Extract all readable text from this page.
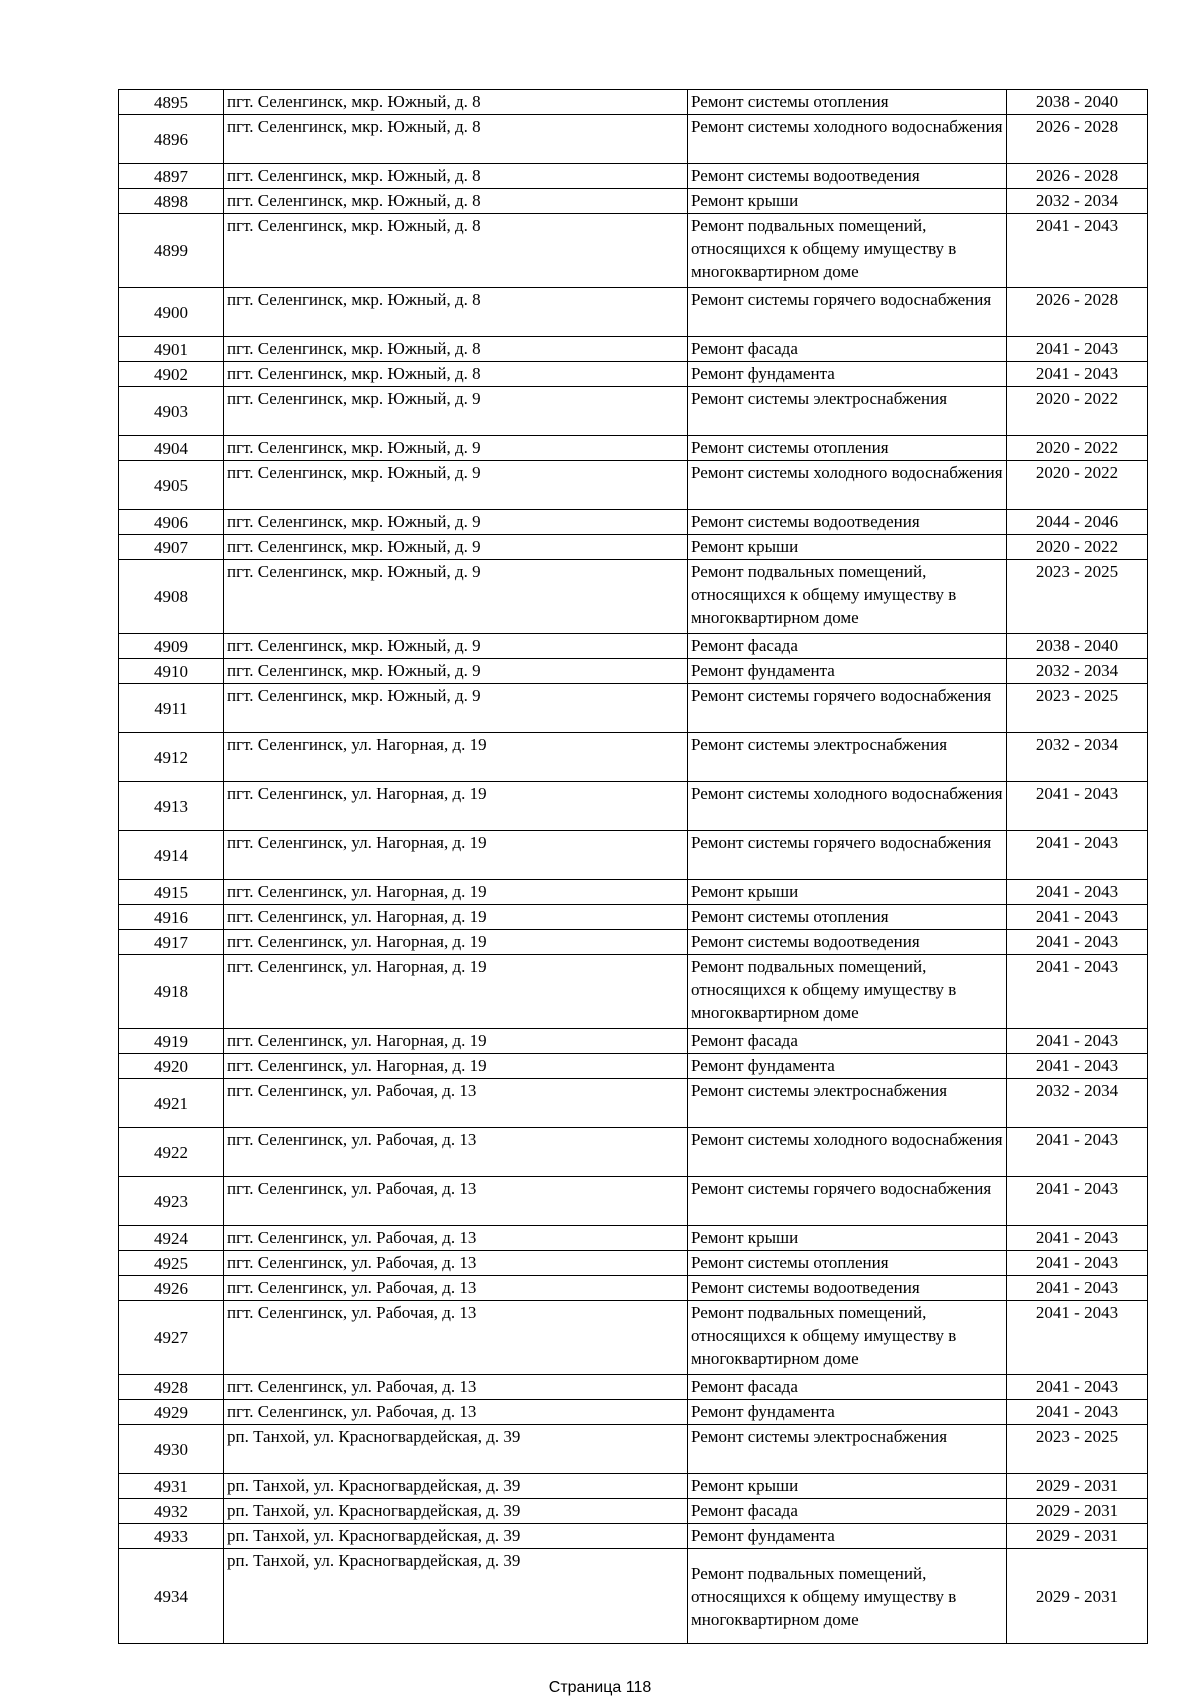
4895	пгт. Селенгинск, мкр. Южный, д. 8	Ремонт системы отопления	2038 - 2040
4896	пгт. Селенгинск, мкр. Южный, д. 8	Ремонт системы холодного водоснабжения	2026 - 2028
4897	пгт. Селенгинск, мкр. Южный, д. 8	Ремонт системы водоотведения	2026 - 2028
4898	пгт. Селенгинск, мкр. Южный, д. 8	Ремонт крыши	2032 - 2034
4899	пгт. Селенгинск, мкр. Южный, д. 8	Ремонт подвальных помещений, относящихся к общему имуществу в многоквартирном доме	2041 - 2043
4900	пгт. Селенгинск, мкр. Южный, д. 8	Ремонт системы горячего водоснабжения	2026 - 2028
4901	пгт. Селенгинск, мкр. Южный, д. 8	Ремонт фасада	2041 - 2043
4902	пгт. Селенгинск, мкр. Южный, д. 8	Ремонт фундамента	2041 - 2043
4903	пгт. Селенгинск, мкр. Южный, д. 9	Ремонт системы электроснабжения	2020 - 2022
4904	пгт. Селенгинск, мкр. Южный, д. 9	Ремонт системы отопления	2020 - 2022
4905	пгт. Селенгинск, мкр. Южный, д. 9	Ремонт системы холодного водоснабжения	2020 - 2022
4906	пгт. Селенгинск, мкр. Южный, д. 9	Ремонт системы водоотведения	2044 - 2046
4907	пгт. Селенгинск, мкр. Южный, д. 9	Ремонт крыши	2020 - 2022
4908	пгт. Селенгинск, мкр. Южный, д. 9	Ремонт подвальных помещений, относящихся к общему имуществу в многоквартирном доме	2023 - 2025
4909	пгт. Селенгинск, мкр. Южный, д. 9	Ремонт фасада	2038 - 2040
4910	пгт. Селенгинск, мкр. Южный, д. 9	Ремонт фундамента	2032 - 2034
4911	пгт. Селенгинск, мкр. Южный, д. 9	Ремонт системы горячего водоснабжения	2023 - 2025
4912	пгт. Селенгинск, ул. Нагорная, д. 19	Ремонт системы электроснабжения	2032 - 2034
4913	пгт. Селенгинск, ул. Нагорная, д. 19	Ремонт системы холодного водоснабжения	2041 - 2043
4914	пгт. Селенгинск, ул. Нагорная, д. 19	Ремонт системы горячего водоснабжения	2041 - 2043
4915	пгт. Селенгинск, ул. Нагорная, д. 19	Ремонт крыши	2041 - 2043
4916	пгт. Селенгинск, ул. Нагорная, д. 19	Ремонт системы отопления	2041 - 2043
4917	пгт. Селенгинск, ул. Нагорная, д. 19	Ремонт системы водоотведения	2041 - 2043
4918	пгт. Селенгинск, ул. Нагорная, д. 19	Ремонт подвальных помещений, относящихся к общему имуществу в многоквартирном доме	2041 - 2043
4919	пгт. Селенгинск, ул. Нагорная, д. 19	Ремонт фасада	2041 - 2043
4920	пгт. Селенгинск, ул. Нагорная, д. 19	Ремонт фундамента	2041 - 2043
4921	пгт. Селенгинск, ул. Рабочая, д. 13	Ремонт системы электроснабжения	2032 - 2034
4922	пгт. Селенгинск, ул. Рабочая, д. 13	Ремонт системы холодного водоснабжения	2041 - 2043
4923	пгт. Селенгинск, ул. Рабочая, д. 13	Ремонт системы горячего водоснабжения	2041 - 2043
4924	пгт. Селенгинск, ул. Рабочая, д. 13	Ремонт крыши	2041 - 2043
4925	пгт. Селенгинск, ул. Рабочая, д. 13	Ремонт системы отопления	2041 - 2043
4926	пгт. Селенгинск, ул. Рабочая, д. 13	Ремонт системы водоотведения	2041 - 2043
4927	пгт. Селенгинск, ул. Рабочая, д. 13	Ремонт подвальных помещений, относящихся к общему имуществу в многоквартирном доме	2041 - 2043
4928	пгт. Селенгинск, ул. Рабочая, д. 13	Ремонт фасада	2041 - 2043
4929	пгт. Селенгинск, ул. Рабочая, д. 13	Ремонт фундамента	2041 - 2043
4930	рп. Танхой, ул. Красногвардейская, д. 39	Ремонт системы электроснабжения	2023 - 2025
4931	рп. Танхой, ул. Красногвардейская, д. 39	Ремонт крыши	2029 - 2031
4932	рп. Танхой, ул. Красногвардейская, д. 39	Ремонт фасада	2029 - 2031
4933	рп. Танхой, ул. Красногвардейская, д. 39	Ремонт фундамента	2029 - 2031
4934	рп. Танхой, ул. Красногвардейская, д. 39	Ремонт подвальных помещений, относящихся к общему имуществу в многоквартирном доме	2029 - 2031
Страница 118
